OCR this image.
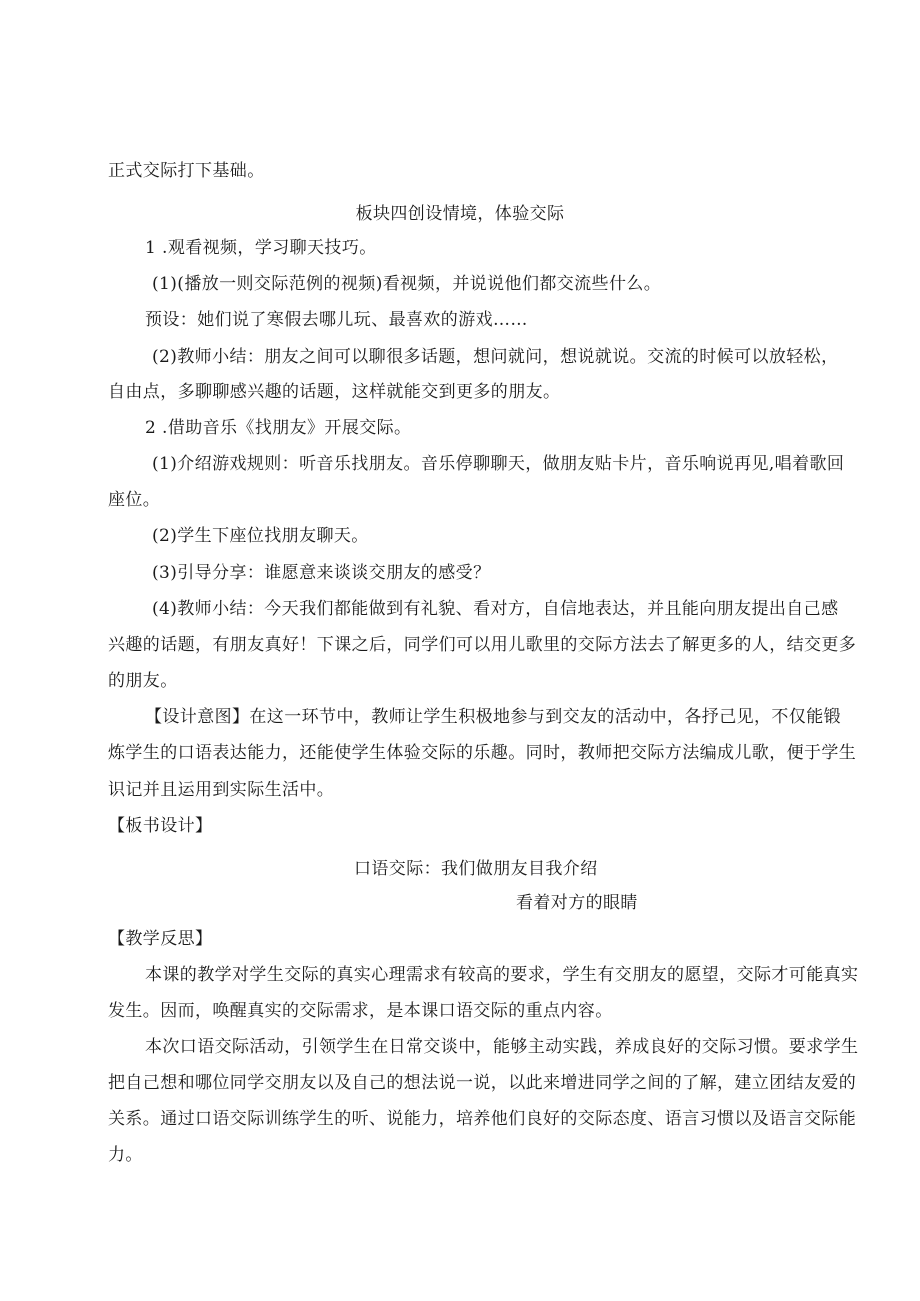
正式交际打下基础。
板块四创设情境，体验交际
1 .观看视频，学习聊天技巧。
(1)(播放一则交际范例的视频)看视频，并说说他们都交流些什么。
预设：她们说了寒假去哪儿玩、最喜欢的游戏……
(2)教师小结：朋友之间可以聊很多话题，想问就问，想说就说。交流的时候可以放轻松，
自由点，多聊聊感兴趣的话题，这样就能交到更多的朋友。
2 .借助音乐《找朋友》开展交际。
(1)介绍游戏规则：听音乐找朋友。音乐停聊聊天，做朋友贴卡片，音乐响说再见,唱着歌回
座位。
(2)学生下座位找朋友聊天。
(3)引导分享：谁愿意来谈谈交朋友的感受？
(4)教师小结：今天我们都能做到有礼貌、看对方，自信地表达，并且能向朋友提出自己感
兴趣的话题，有朋友真好！下课之后，同学们可以用儿歌里的交际方法去了解更多的人，结交更多
的朋友。
【设计意图】在这一环节中，教师让学生积极地参与到交友的活动中，各抒己见，不仅能锻
炼学生的口语表达能力，还能使学生体验交际的乐趣。同时，教师把交际方法编成儿歌，便于学生
识记并且运用到实际生活中。
【板书设计】
口语交际：我们做朋友目我介绍
看着对方的眼睛
【教学反思】
本课的教学对学生交际的真实心理需求有较高的要求，学生有交朋友的愿望，交际才可能真实
发生。因而，唤醒真实的交际需求，是本课口语交际的重点内容。
本次口语交际活动，引领学生在日常交谈中，能够主动实践，养成良好的交际习惯。要求学生
把自己想和哪位同学交朋友以及自己的想法说一说，以此来增进同学之间的了解，建立团结友爱的
关系。通过口语交际训练学生的听、说能力，培养他们良好的交际态度、语言习惯以及语言交际能
力。
